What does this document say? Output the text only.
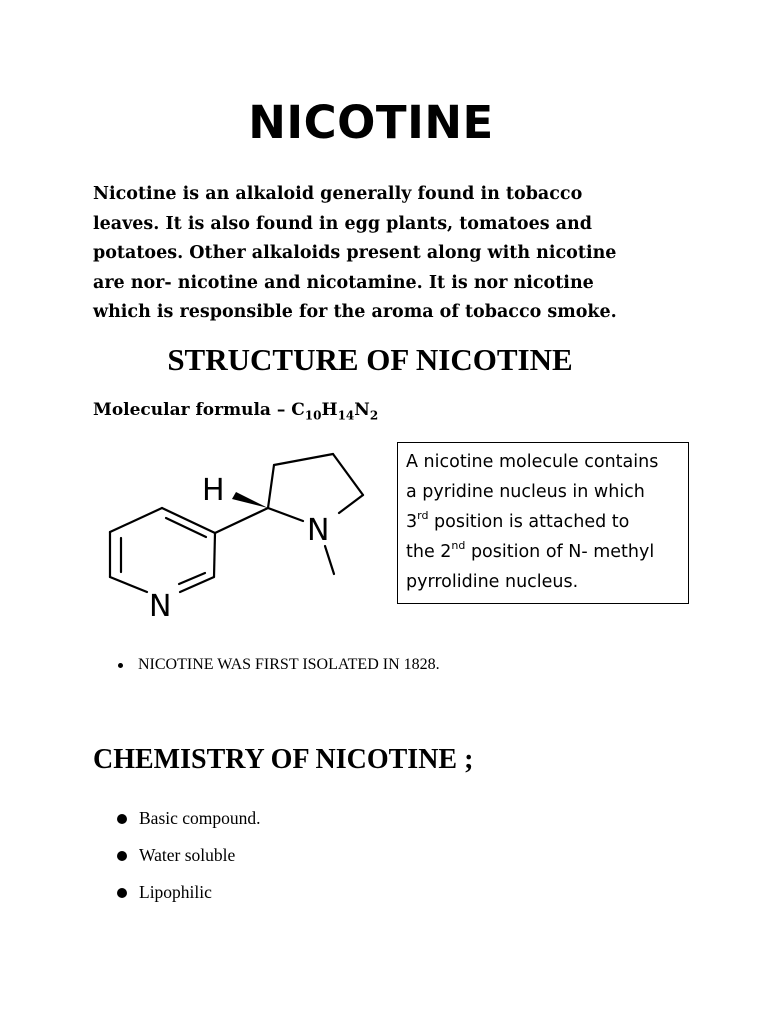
NICOTINE

Nicotine is an alkaloid generally found in tobacco
leaves. It is also found in egg plants, tomatoes and
potatoes. Other alkaloids present along with nicotine
are nor- nicotine and nicotamine. It is nor nicotine
which is responsible for the aroma of tobacco smoke.

STRUCTURE OF NICOTINE
Molecular formula – $C_{10}H_{14}N_2$
N
N
H
A nicotine molecule contains
a pyridine nucleus in which
3rd position is attached to
the 2nd position of N- methyl
pyrrolidine nucleus.
NICOTINE WAS FIRST ISOLATED IN 1828.
CHEMISTRY OF NICOTINE ;
Basic compound.
Water soluble
Lipophilic
